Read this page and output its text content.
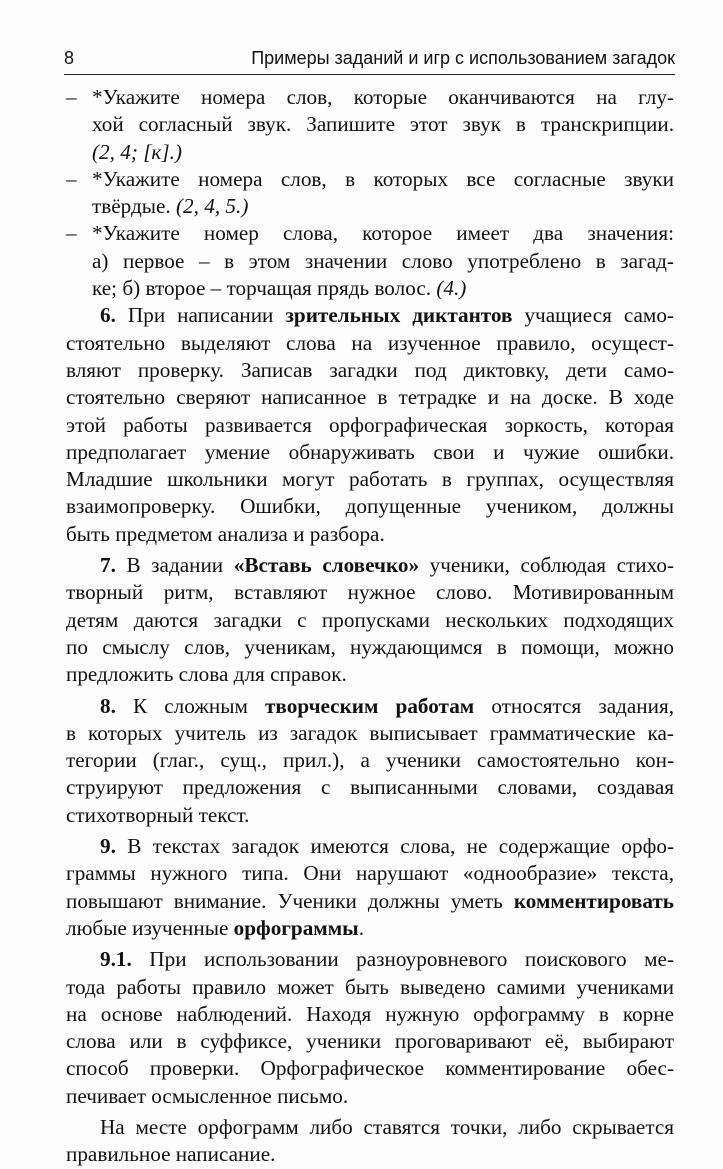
8	Примеры заданий и игр с использованием загадок
– *Укажите номера слов, которые оканчиваются на глу-
хой согласный звук. Запишите этот звук в транскрипции.
(2, 4; [к].)
– *Укажите номера слов, в которых все согласные звуки
твёрдые. (2, 4, 5.)
– *Укажите номер слова, которое имеет два значения:
а) первое – в этом значении слово употреблено в загад-
ке; б) второе – торчащая прядь волос. (4.)
6. При написании зрительных диктантов учащиеся само-
стоятельно выделяют слова на изученное правило, осущест-
вляют проверку. Записав загадки под диктовку, дети само-
стоятельно сверяют написанное в тетрадке и на доске. В ходе
этой работы развивается орфографическая зоркость, которая
предполагает умение обнаруживать свои и чужие ошибки.
Младшие школьники могут работать в группах, осуществляя
взаимопроверку. Ошибки, допущенные учеником, должны
быть предметом анализа и разбора.
7. В задании «Вставь словечко» ученики, соблюдая стихо-
творный ритм, вставляют нужное слово. Мотивированным
детям даются загадки с пропусками нескольких подходящих
по смыслу слов, ученикам, нуждающимся в помощи, можно
предложить слова для справок.
8. К сложным творческим работам относятся задания,
в которых учитель из загадок выписывает грамматические ка-
тегории (глаг., сущ., прил.), а ученики самостоятельно кон-
струируют предложения с выписанными словами, создавая
стихотворный текст.
9. В текстах загадок имеются слова, не содержащие орфо-
граммы нужного типа. Они нарушают «однообразие» текста,
повышают внимание. Ученики должны уметь комментировать
любые изученные орфограммы.
9.1. При использовании разноуровневого поискового ме-
тода работы правило может быть выведено самими учениками
на основе наблюдений. Находя нужную орфограмму в корне
слова или в суффиксе, ученики проговаривают её, выбирают
способ проверки. Орфографическое комментирование обес-
печивает осмысленное письмо.
На месте орфограмм либо ставятся точки, либо скрывается
правильное написание.
